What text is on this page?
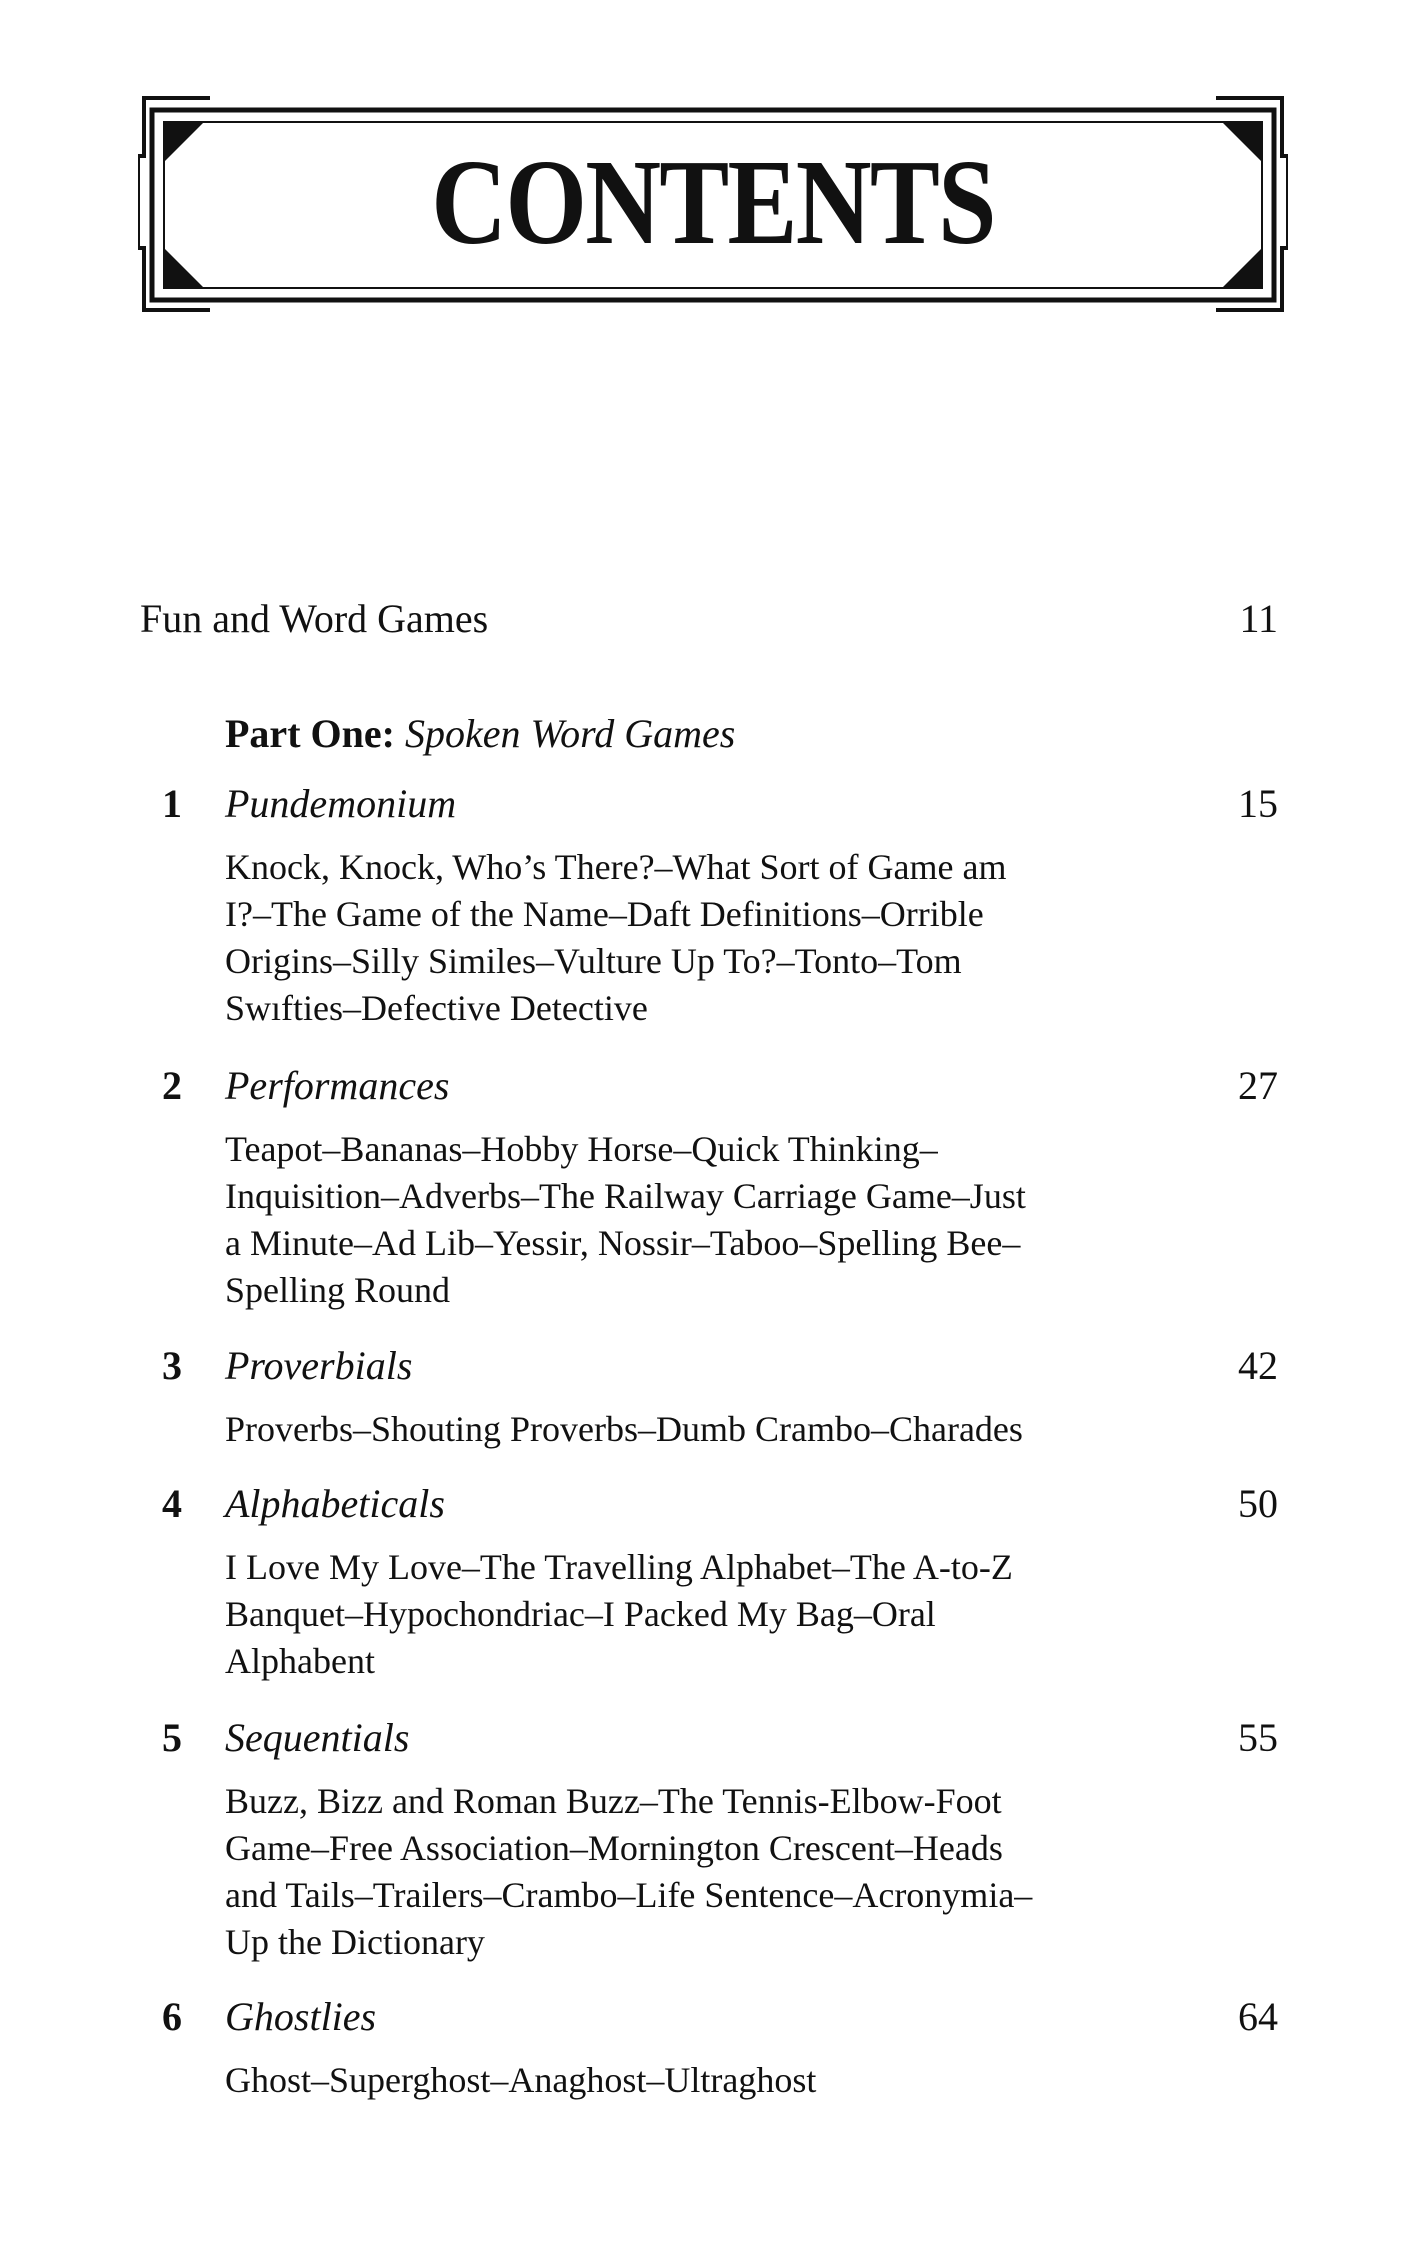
CONTENTS
Fun and Word Games	11
Part One: Spoken Word Games
1 Pundemonium	15
Knock, Knock, Who’s There?–What Sort of Game am
I?–The Game of the Name–Daft Definitions–Orrible
Origins–Silly Similes–Vulture Up To?–Tonto–Tom
Swıfties–Defective Detective
2 Performances	27
Teapot–Bananas–Hobby Horse–Quick Thinking–
Inquisition–Adverbs–The Railway Carriage Game–Just
a Minute–Ad Lib–Yessir, Nossir–Taboo–Spelling Bee–
Spelling Round
3 Proverbials	42
Proverbs–Shouting Proverbs–Dumb Crambo–Charades
4 Alphabeticals	50
I Love My Love–The Travelling Alphabet–The A-to-Z
Banquet–Hypochondriac–I Packed My Bag–Oral
Alphabent
5 Sequentials	55
Buzz, Bizz and Roman Buzz–The Tennis-Elbow-Foot
Game–Free Association–Mornington Crescent–Heads
and Tails–Trailers–Crambo–Life Sentence–Acronymia–
Up the Dictionary
6 Ghostlies	64
Ghost–Superghost–Anaghost–Ultraghost
